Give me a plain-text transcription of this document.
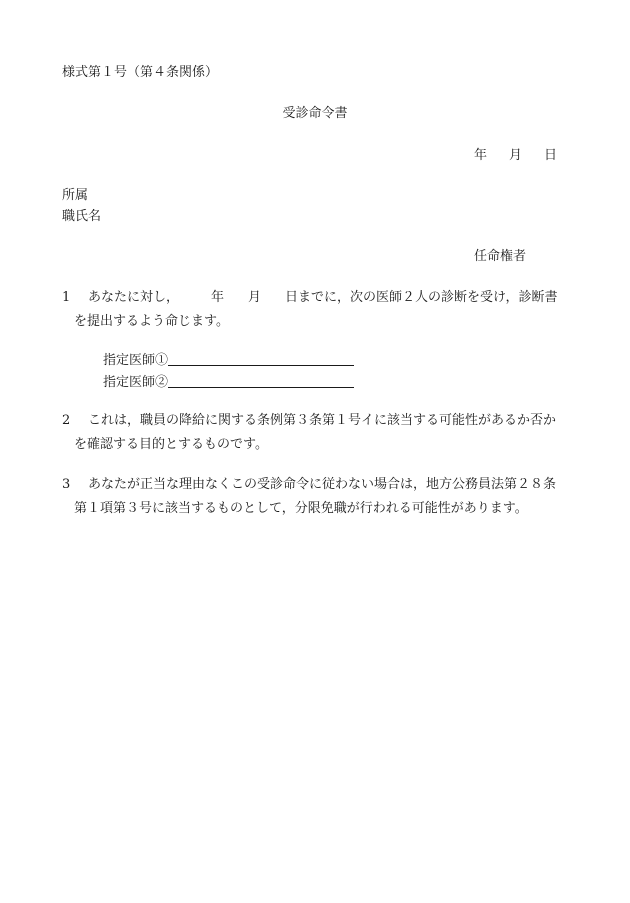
様式第１号（第４条関係）
受診命令書
年 月 日
所属
職氏名
任命権者
1 あなたに対し， 年 月 日までに，次の医師２人の診断を受け，診断書
を提出するよう命じます。
指定医師①
指定医師②
2 これは，職員の降給に関する条例第３条第１号イに該当する可能性があるか否か
を確認する目的とするものです。
3 あなたが正当な理由なくこの受診命令に従わない場合は，地方公務員法第２８条
第１項第３号に該当するものとして，分限免職が行われる可能性があります。
